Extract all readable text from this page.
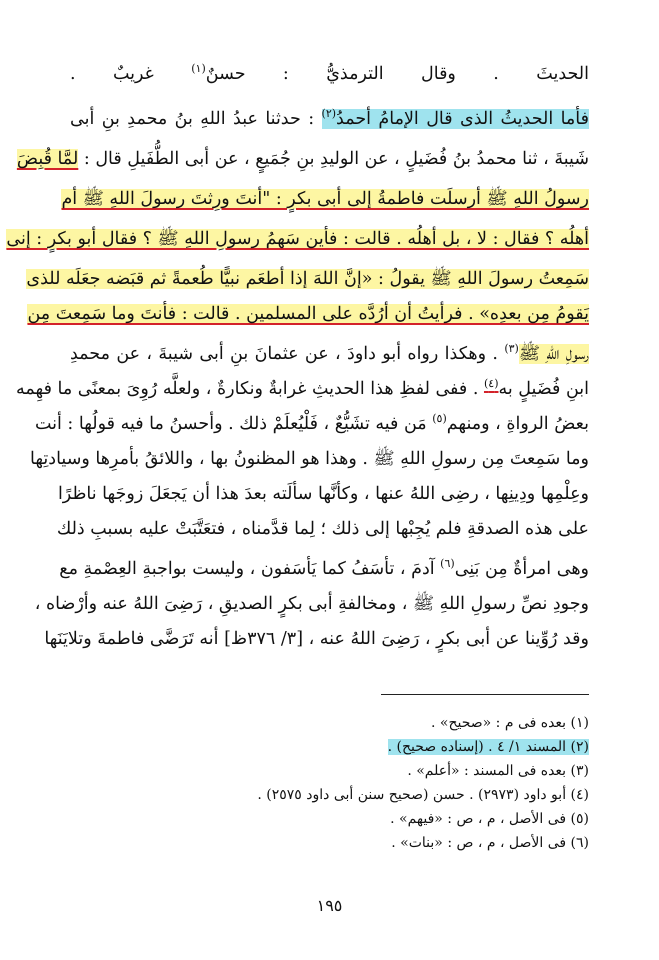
الحديثَ . وقال الترمذيُّ : حسنٌ$^{(١)}$ غريبٌ .
فأما الحديثُ الذى قال الإمامُ أحمدُ$^{(٢)}$ : حدثنا عبدُ اللهِ بنُ محمدِ بنِ أبى
شَيبةَ ، ثنا محمدُ بنُ فُضَيلٍ ، عن الوليدِ بنِ جُمَيعٍ ، عن أبى الطُّفَيلِ قال : لمَّا قُبِضَ
رسولُ اللهِ ﷺ أرسلَت فاطمةُ إلى أبى بكرٍ : "أنتَ ورِثتَ رسولَ اللهِ ﷺ أم
أهلُه ؟ فقال : لا ، بل أهلُه . قالت : فأين سَهمُ رسولِ اللهِ ﷺ ؟ فقال أبو بكرٍ : إنى
سَمِعتُ رسولَ اللهِ ﷺ يقولُ : «إنَّ اللهَ إذا أطعَم نبيًّا طُعمةً ثم قبَضه جعَلَه للذى
يَقومُ مِن بعدِه» . فرأيتُ أن أرُدَّه على المسلمين . قالت : فأنتَ وما سَمِعتَ مِن
رسولِ اللهِ ﷺ$^{(٣)}$ . وهكذا رواه أبو داودَ ، عن عثمانَ بنِ أبى شيبةَ ، عن محمدِ
ابنِ فُضَيلٍ به$^{(٤)}$ . ففى لفظِ هذا الحديثِ غرابةٌ ونكارةٌ ، ولعلَّه رُوِىَ بمعنًى ما فهِمه
بعضُ الرواةِ ، ومنهم$^{(٥)}$ مَن فيه تشَيُّعٌ ، فَلْيُعلَمْ ذلك . وأحسنُ ما فيه قولُها : أنت
وما سَمِعتَ مِن رسولِ اللهِ ﷺ . وهذا هو المظنونُ بها ، واللائقُ بأمرِها وسيادتِها
وعِلْمِها ودِينِها ، رضِى اللهُ عنها ، وكأنَّها سألَته بعدَ هذا أن يَجعَلَ زوجَها ناظرًا
على هذه الصدقةِ فلم يُجِبْها إلى ذلك ؛ لِما قدَّمناه ، فتعَتَّبَتْ عليه بسببِ ذلك
وهى امرأةٌ مِن بَنِى$^{(٦)}$ آدمَ ، تأسَفُ كما يَأسَفون ، وليست بواجبةِ العِصْمةِ مع
وجودِ نصِّ رسولِ اللهِ ﷺ ، ومخالفةِ أبى بكرٍ الصديقِ ، رَضِىَ اللهُ عنه وأرْضاه ،
وقد رُوِّينا عن أبى بكرٍ ، رَضِىَ اللهُ عنه ، [٣/ ٣٧٦ظ] أنه تَرَضَّى فاطمةَ وتلايَنَها
(١) بعده فى م : «صحيح» .
(٢) المسند ١/ ٤ . (إسناده صحيح) .
(٣) بعده فى المسند : «أعلم» .
(٤) أبو داود (٢٩٧٣) . حسن (صحيح سنن أبى داود ٢٥٧٥) .
(٥) فى الأصل ، م ، ص : «فيهم» .
(٦) فى الأصل ، م ، ص : «بنات» .
١٩٥
